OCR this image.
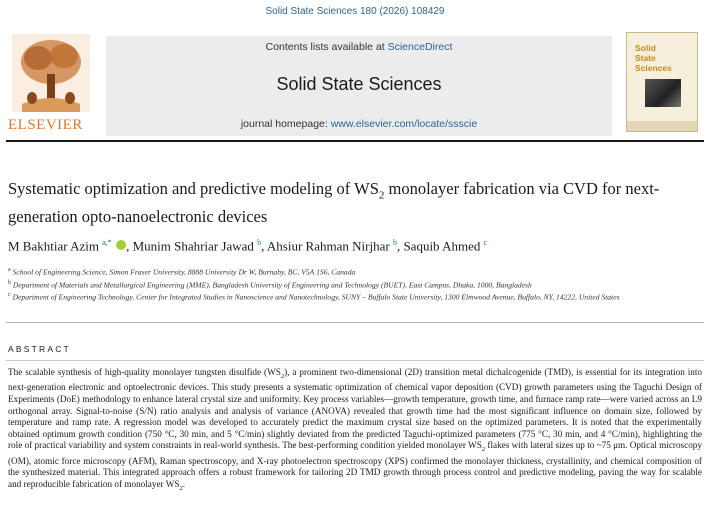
Solid State Sciences 180 (2026) 108429
ELSEVIER
Contents lists available at ScienceDirect
Solid State Sciences
journal homepage: www.elsevier.com/locate/ssscie
Solid
State
Sciences
Systematic optimization and predictive modeling of $WS_2$ monolayer fabrication via CVD for next-generation opto-nanoelectronic devices
M Bakhtiar Azim $^{a,*}$ , Munim Shahriar Jawad $^b$, Ahsiur Rahman Nirjhar $^b$, Saquib Ahmed $^c$
$^a$ School of Engineering Science, Simon Fraser University, 8888 University Dr W, Burnaby, BC, V5A 1S6, Canada
$^b$ Department of Materials and Metallurgical Engineering (MME), Bangladesh University of Engineering and Technology (BUET), East Campus, Dhaka, 1000, Bangladesh
$^c$ Department of Engineering Technology, Center for Integrated Studies in Nanoscience and Nanotechnology, SUNY – Buffalo State University, 1300 Elmwood Avenue, Buffalo, NY, 14222, United States
ABSTRACT

The scalable synthesis of high-quality monolayer tungsten disulfide $(WS_2)$, a prominent two-dimensional (2D) transition metal dichalcogenide (TMD), is essential for its integration into next-generation electronic and optoelectronic devices. This study presents a systematic optimization of chemical vapor deposition (CVD) growth parameters using the Taguchi Design of Experiments (DoE) methodology to enhance lateral crystal size and uniformity. Key process variables—growth temperature, growth time, and furnace ramp rate—were varied across an L9 orthogonal array. Signal-to-noise (S/N) ratio analysis and analysis of variance (ANOVA) revealed that growth time had the most significant influence on domain size, followed by temperature and ramp rate. A regression model was developed to accurately predict the maximum crystal size based on the optimized parameters. It is noted that the experimentally obtained optimum growth condition (750 °C, 30 min, and 5 °C/min) slightly deviated from the predicted Taguchi-optimized parameters (775 °C, 30 min, and 4 °C/min), highlighting the role of practical variability and system constraints in real-world synthesis. The best-performing condition yielded monolayer $WS_2$ flakes with lateral sizes up to ~75 μm. Optical microscopy (OM), atomic force microscopy (AFM), Raman spectroscopy, and X-ray photoelectron spectroscopy (XPS) confirmed the monolayer thickness, crystallinity, and chemical composition of the synthesized material. This integrated approach offers a robust framework for tailoring 2D TMD growth through process control and predictive modeling, paving the way for scalable and reproducible fabrication of monolayer $WS_2$.
